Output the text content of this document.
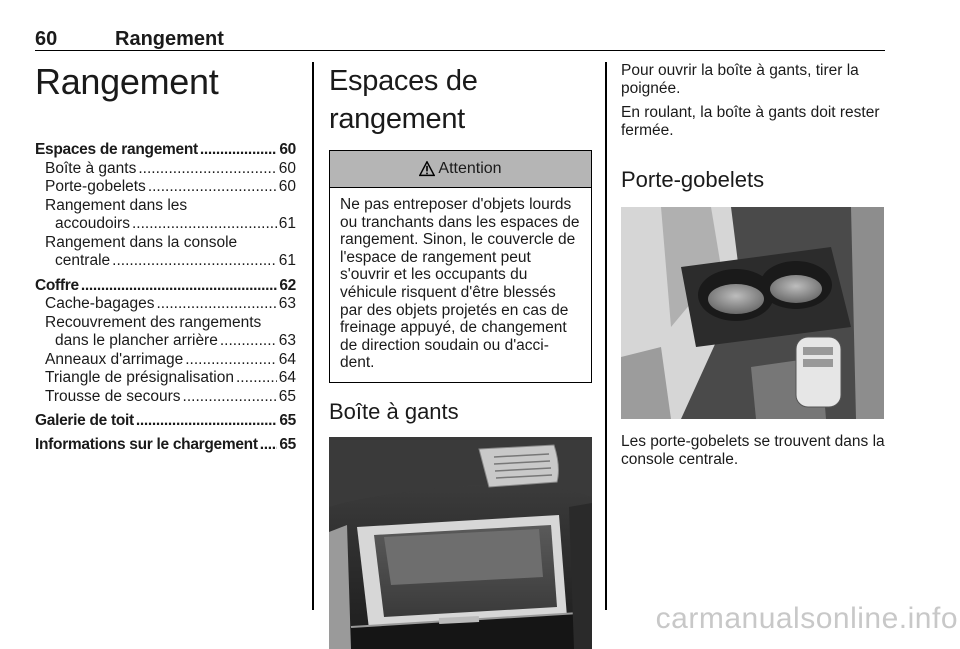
60	Rangement
Rangement
Espaces de rangement .....	60
Boîte à gants .....	60
Porte-gobelets .....	60
Rangement dans les
accoudoirs .....	61
Rangement dans la console
centrale .....	61
Coffre .....	62
Cache-bagages .....	63
Recouvrement des rangements
dans le plancher arrière .....	63
Anneaux d'arrimage .....	64
Triangle de présignalisation .....	64
Trousse de secours .....	65
Galerie de toit .....	65
Informations sur le chargement ..... 65
Espaces de rangement
Attention
Ne pas entreposer d'objets lourds ou tranchants dans les espaces de rangement. Sinon, le couvercle de l'espace de rangement peut s'ouvrir et les occupants du véhicule risquent d'être blessés par des objets projetés en cas de freinage appuyé, de changement de direction soudain ou d'acci-dent.
Boîte à gants

Pour ouvrir la boîte à gants, tirer la poignée.

En roulant, la boîte à gants doit rester fermée.

Porte-gobelets

Les porte-gobelets se trouvent dans la console centrale.

carmanualsonline.info
